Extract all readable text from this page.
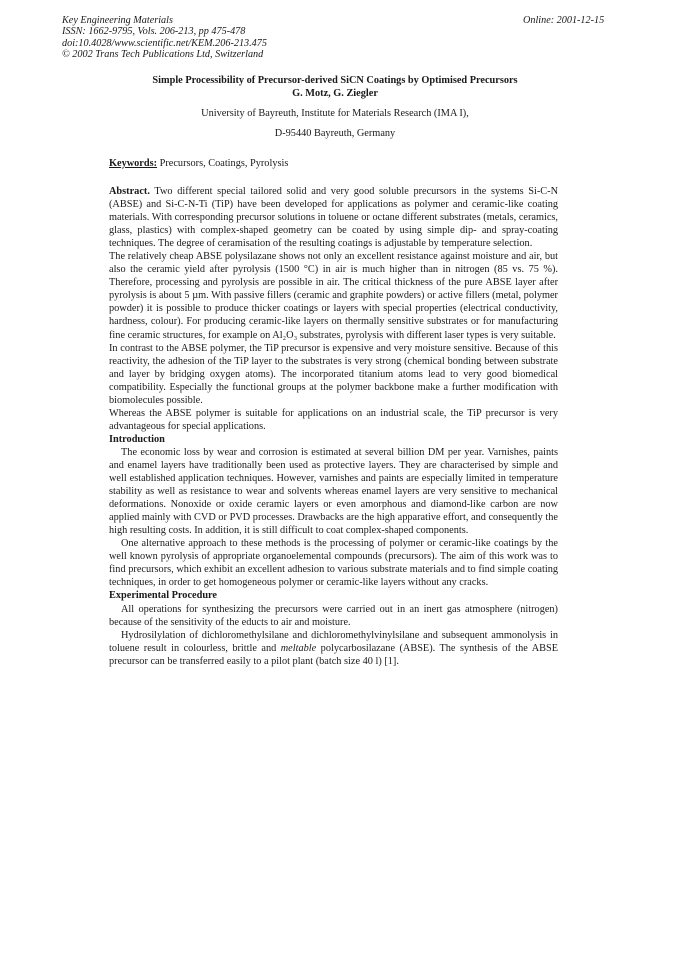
Key Engineering Materials
ISSN: 1662-9795, Vols. 206-213, pp 475-478
doi:10.4028/www.scientific.net/KEM.206-213.475
© 2002 Trans Tech Publications Ltd, Switzerland
Online: 2001-12-15
Simple Processibility of Precursor-derived SiCN Coatings by Optimised Precursors
G. Motz, G. Ziegler
University of Bayreuth, Institute for Materials Research (IMA I),
D-95440 Bayreuth, Germany
Keywords: Precursors, Coatings, Pyrolysis

Abstract. Two different special tailored solid and very good soluble precursors in the systems Si-C-N (ABSE) and Si-C-N-Ti (TiP) have been developed for applications as polymer and ceramic-like coating materials. With corresponding precursor solutions in toluene or octane different substrates (metals, ceramics, glass, plastics) with complex-shaped geometry can be coated by using simple dip- and spray-coating techniques. The degree of ceramisation of the resulting coatings is adjustable by temperature selection.

The relatively cheap ABSE polysilazane shows not only an excellent resistance against moisture and air, but also the ceramic yield after pyrolysis (1500 °C) in air is much higher than in nitrogen (85 vs. 75 %). Therefore, processing and pyrolysis are possible in air. The critical thickness of the pure ABSE layer after pyrolysis is about 5 µm. With passive fillers (ceramic and graphite powders) or active fillers (metal, polymer powder) it is possible to produce thicker coatings or layers with special properties (electrical conductivity, hardness, colour). For producing ceramic-like layers on thermally sensitive substrates or for manufacturing fine ceramic structures, for example on Al₂O₃ substrates, pyrolysis with different laser types is very suitable.

In contrast to the ABSE polymer, the TiP precursor is expensive and very moisture sensitive. Because of this reactivity, the adhesion of the TiP layer to the substrates is very strong (chemical bonding between substrate and layer by bridging oxygen atoms). The incorporated titanium atoms lead to very good biomedical compatibility. Especially the functional groups at the polymer backbone make a further modification with biomolecules possible.

Whereas the ABSE polymer is suitable for applications on an industrial scale, the TiP precursor is very advantageous for special applications.

Introduction

The economic loss by wear and corrosion is estimated at several billion DM per year. Varnishes, paints and enamel layers have traditionally been used as protective layers. They are characterised by simple and well established application techniques. However, varnishes and paints are especially limited in temperature stability as well as resistance to wear and solvents whereas enamel layers are very sensitive to mechanical deformations. Nonoxide or oxide ceramic layers or even amorphous and diamond-like carbon are now applied mainly with CVD or PVD processes. Drawbacks are the high apparative effort, and consequently the high resulting costs. In addition, it is still difficult to coat complex-shaped components.

One alternative approach to these methods is the processing of polymer or ceramic-like coatings by the well known pyrolysis of appropriate organoelemental compounds (precursors). The aim of this work was to find precursors, which exhibit an excellent adhesion to various substrate materials and to find simple coating techniques, in order to get homogeneous polymer or ceramic-like layers without any cracks.

Experimental Procedure

All operations for synthesizing the precursors were carried out in an inert gas atmosphere (nitrogen) because of the sensitivity of the educts to air and moisture.

Hydrosilylation of dichloromethylsilane and dichloromethylvinylsilane and subsequent ammonolysis in toluene result in colourless, brittle and meltable polycarbosilazane (ABSE). The synthesis of the ABSE precursor can be transferred easily to a pilot plant (batch size 40 l) [1].
